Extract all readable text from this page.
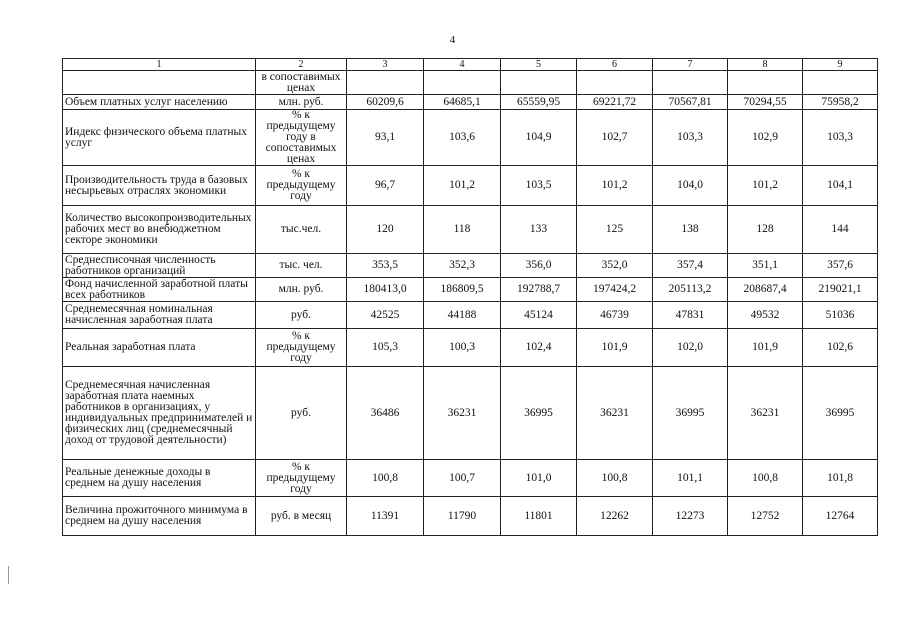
4
1	2	3	4	5	6	7	8	9
	в сопоставимых ценах							
Объем платных услуг населению	млн. руб.	60209,6	64685,1	65559,95	69221,72	70567,81	70294,55	75958,2
Индекс физического объема платных услуг	% к предыдущему году в сопоставимых ценах	93,1	103,6	104,9	102,7	103,3	102,9	103,3
Производительность труда в базовых несырьевых отраслях экономики	% к предыдущему году	96,7	101,2	103,5	101,2	104,0	101,2	104,1
Количество высокопроизводительных рабочих мест во внебюджетном секторе экономики	тыс.чел.	120	118	133	125	138	128	144
Среднесписочная численность работников организаций	тыс. чел.	353,5	352,3	356,0	352,0	357,4	351,1	357,6
Фонд начисленной заработной платы всех работников	млн. руб.	180413,0	186809,5	192788,7	197424,2	205113,2	208687,4	219021,1
Среднемесячная номинальная начисленная заработная плата	руб.	42525	44188	45124	46739	47831	49532	51036
Реальная заработная плата	% к предыдущему году	105,3	100,3	102,4	101,9	102,0	101,9	102,6
Среднемесячная начисленная заработная плата наемных работников в организациях, у индивидуальных предпринимателей и физических лиц (среднемесячный доход от трудовой деятельности)	руб.	36486	36231	36995	36231	36995	36231	36995
Реальные денежные доходы в среднем на душу населения	% к предыдущему году	100,8	100,7	101,0	100,8	101,1	100,8	101,8
Величина прожиточного минимума в среднем на душу населения	руб. в месяц	11391	11790	11801	12262	12273	12752	12764
